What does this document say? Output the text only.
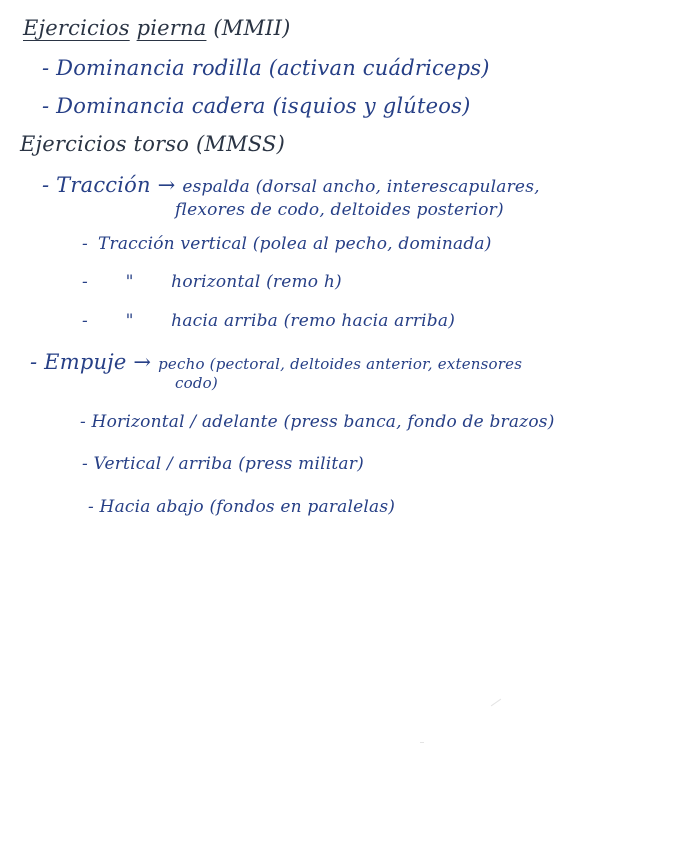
Ejercicios pierna (MMII)
- Dominancia rodilla (activan cuádriceps)
- Dominancia cadera (isquios y glúteos)
Ejercicios torso (MMSS)
- Tracción → espalda (dorsal ancho, interescapulares,
flexores de codo, deltoides posterior)
- Tracción vertical (polea al pecho, dominada)
- " horizontal (remo h)
- " hacia arriba (remo hacia arriba)
- Empuje → pecho (pectoral, deltoides anterior, extensores
codo)
- Horizontal / adelante (press banca, fondo de brazos)
- Vertical / arriba (press militar)
- Hacia abajo (fondos en paralelas)
